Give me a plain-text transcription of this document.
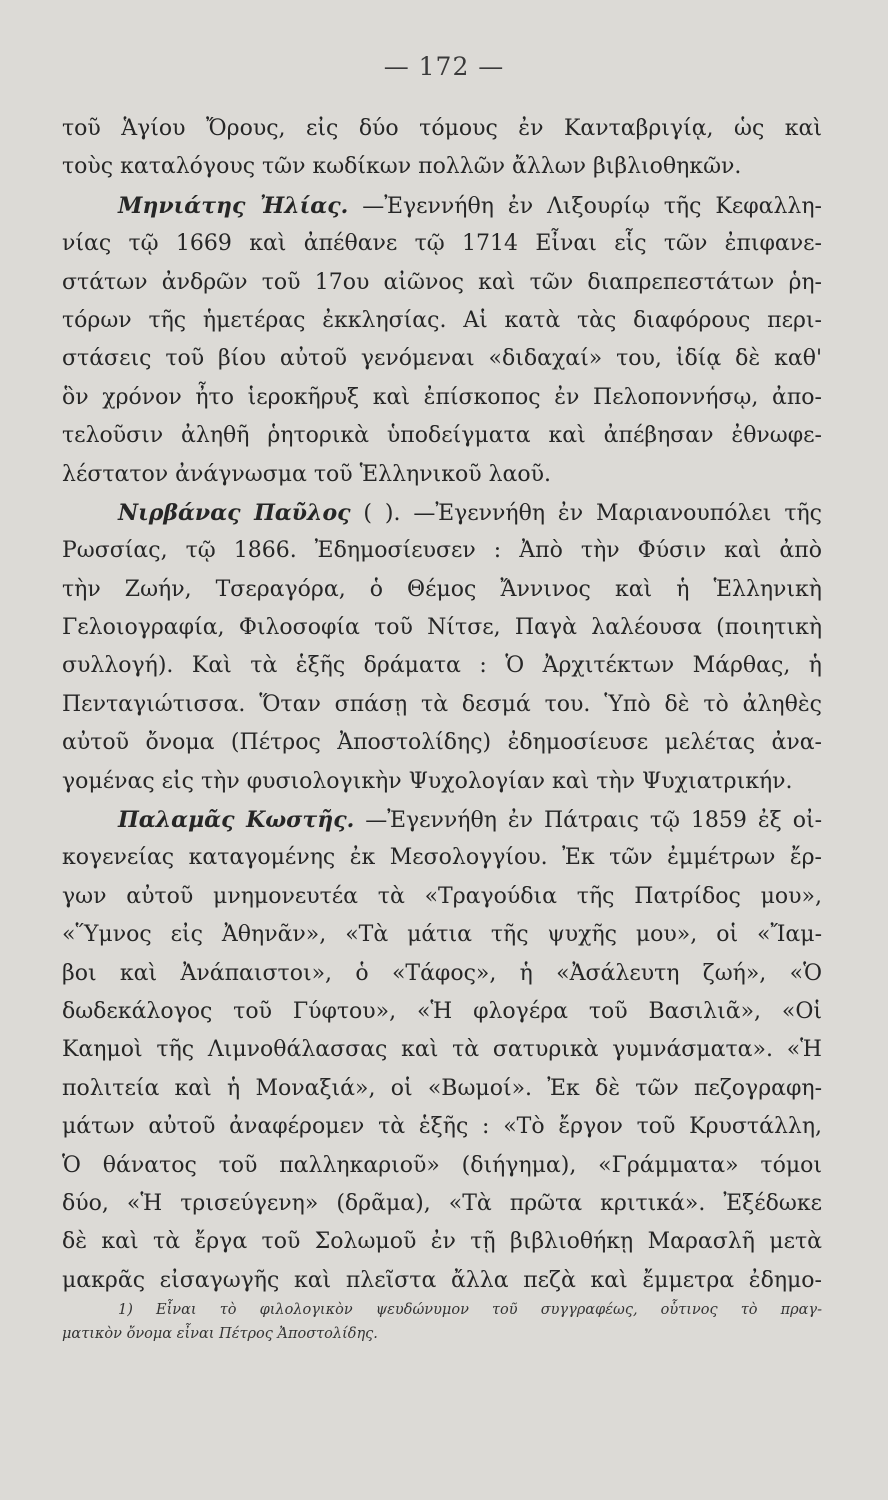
— 172 —
τοῦ Ἁγίου Ὄρους, εἰς δύο τόμους ἐν Κανταβριγίᾳ, ὡς καὶ
τοὺς καταλόγους τῶν κωδίκων πολλῶν ἄλλων βιβλιοθηκῶν.
Μηνιάτης Ἠλίας. —Ἐγεννήθη ἐν Λιξουρίῳ τῆς Κεφαλλη-
νίας τῷ 1669 καὶ ἀπέθανε τῷ 1714 Εἶναι εἷς τῶν ἐπιφανε-
στάτων ἀνδρῶν τοῦ 17ου αἰῶνος καὶ τῶν διαπρεπεστάτων ῥη-
τόρων τῆς ἡμετέρας ἐκκλησίας. Αἱ κατὰ τὰς διαφόρους περι-
στάσεις τοῦ βίου αὐτοῦ γενόμεναι «διδαχαί» του, ἰδίᾳ δὲ καθ'
ὃν χρόνον ἦτο ἱεροκῆρυξ καὶ ἐπίσκοπος ἐν Πελοποννήσῳ, ἀπο-
τελοῦσιν ἀληθῆ ῥητορικὰ ὑποδείγματα καὶ ἀπέβησαν ἐθνωφε-
λέστατον ἀνάγνωσμα τοῦ Ἑλληνικοῦ λαοῦ.
Νιρβάνας Παῦλος ( ). —Ἐγεννήθη ἐν Μαριανουπόλει τῆς
Ρωσσίας, τῷ 1866. Ἐδημοσίευσεν : Ἀπὸ τὴν Φύσιν καὶ ἀπὸ
τὴν Ζωήν, Τσεραγόρα, ὁ Θέμος Ἄννινος καὶ ἡ Ἑλληνικὴ
Γελοιογραφία, Φιλοσοφία τοῦ Νίτσε, Παγὰ λαλέουσα (ποιητικὴ
συλλογή). Καὶ τὰ ἑξῆς δράματα : Ὁ Ἀρχιτέκτων Μάρθας, ἡ
Πενταγιώτισσα. Ὅταν σπάσῃ τὰ δεσμά του. Ὑπὸ δὲ τὸ ἀληθὲς
αὐτοῦ ὄνομα (Πέτρος Ἀποστολίδης) ἐδημοσίευσε μελέτας ἀνα-
γομένας εἰς τὴν φυσιολογικὴν Ψυχολογίαν καὶ τὴν Ψυχιατρικήν.
Παλαμᾶς Κωστῆς. —Ἐγεννήθη ἐν Πάτραις τῷ 1859 ἐξ οἰ-
κογενείας καταγομένης ἐκ Μεσολογγίου. Ἐκ τῶν ἐμμέτρων ἔρ-
γων αὐτοῦ μνημονευτέα τὰ «Τραγούδια τῆς Πατρίδος μου»,
«Ὕμνος εἰς Ἀθηνᾶν», «Τὰ μάτια τῆς ψυχῆς μου», οἱ «Ἴαμ-
βοι καὶ Ἀνάπαιστοι», ὁ «Τάφος», ἡ «Ἀσάλευτη ζωή», «Ὁ
δωδεκάλογος τοῦ Γύφτου», «Ἡ φλογέρα τοῦ Βασιλιᾶ», «Οἱ
Καημοὶ τῆς Λιμνοθάλασσας καὶ τὰ σατυρικὰ γυμνάσματα». «Ἡ
πολιτεία καὶ ἡ Μοναξιά», οἱ «Βωμοί». Ἐκ δὲ τῶν πεζογραφη-
μάτων αὐτοῦ ἀναφέρομεν τὰ ἑξῆς : «Τὸ ἔργον τοῦ Κρυστάλλη,
Ὁ θάνατος τοῦ παλληκαριοῦ» (διήγημα), «Γράμματα» τόμοι
δύο, «Ἡ τρισεύγενη» (δρᾶμα), «Τὰ πρῶτα κριτικά». Ἐξέδωκε
δὲ καὶ τὰ ἔργα τοῦ Σολωμοῦ ἐν τῇ βιβλιοθήκῃ Μαρασλῆ μετὰ
μακρᾶς εἰσαγωγῆς καὶ πλεῖστα ἄλλα πεζὰ καὶ ἔμμετρα ἐδημο-
1) Εἶναι τὸ φιλολογικὸν ψευδώνυμον τοῦ συγγραφέως, οὗτινος τὸ πραγ-
ματικὸν ὄνομα εἶναι Πέτρος Ἀποστολίδης.
